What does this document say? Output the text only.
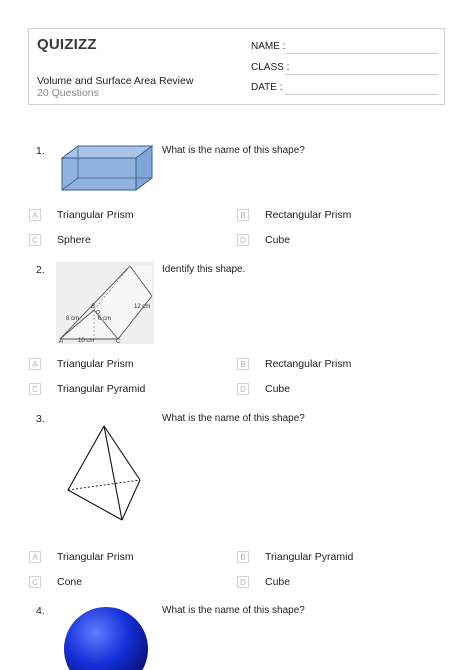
QUIZIZZ
Volume and Surface Area Review
20 Questions
NAME :
CLASS :
DATE :
1.	What is the name of this shape?
A	Triangular Prism	B	Rectangular Prism
C Sphere	D Cube
2.
A
B
C
8 cm	6 cm
10 cm
12 cm
Identify this shape.
A	Triangular Prism	B	Rectangular Prism
C Triangular Pyramid	D Cube
3.	What is the name of this shape?
A	Triangular Prism	B	Triangular Pyramid
C Cone	D Cube
4.	What is the name of this shape?
